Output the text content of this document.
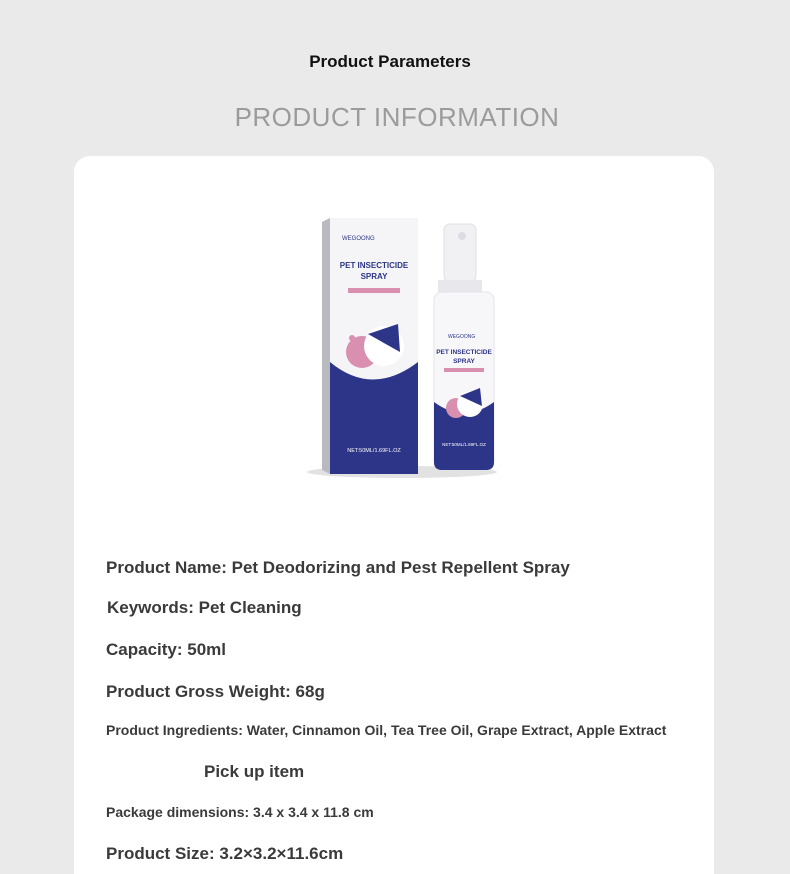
Product Parameters
PRODUCT INFORMATION
WEGOONG
PET INSECTICIDE
SPRAY
NET:50ML/1.69FL.OZ
WEGOONG
PET INSECTICIDE
SPRAY
NET:50ML/1.69FL.OZ
Product Name: Pet Deodorizing and Pest Repellent Spray
Keywords: Pet Cleaning
Capacity: 50ml
Product Gross Weight: 68g
Product Ingredients: Water, Cinnamon Oil, Tea Tree Oil, Grape Extract, Apple Extract
Pick up item
Package dimensions: 3.4 x 3.4 x 11.8 cm
Product Size: 3.2×3.2×11.6cm
